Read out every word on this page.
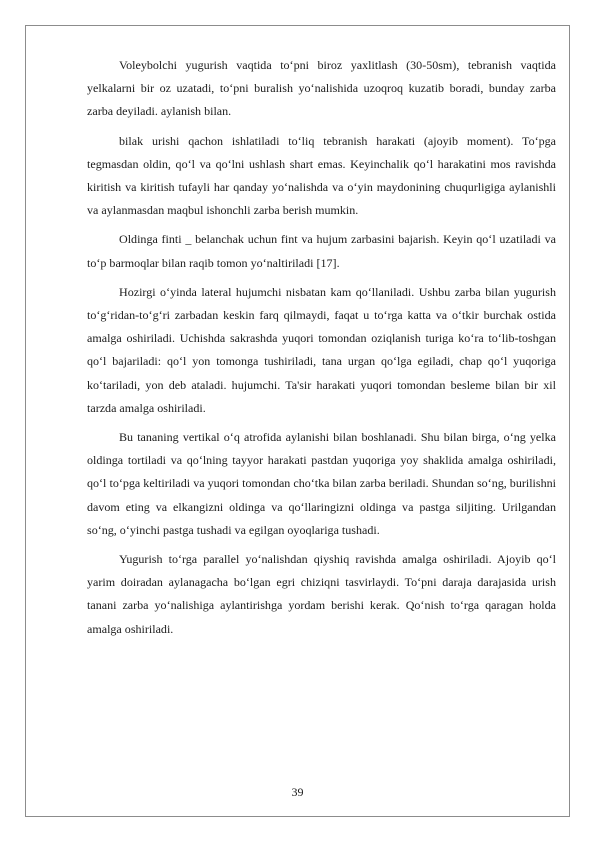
Voleybolchi yugurish vaqtida to‘pni biroz yaxlitlash (30-50sm), tebranish vaqtida yelkalarni bir oz uzatadi, to‘pni buralish yo‘nalishida uzoqroq kuzatib boradi, bunday zarba zarba deyiladi. aylanish bilan.

bilak urishi qachon ishlatiladi to‘liq tebranish harakati (ajoyib moment). To‘pga tegmasdan oldin, qo‘l va qo‘lni ushlash shart emas. Keyinchalik qo‘l harakatini mos ravishda kiritish va kiritish tufayli har qanday yo‘nalishda va o‘yin maydonining chuqurligiga aylanishli va aylanmasdan maqbul ishonchli zarba berish mumkin.

Oldinga finti _ belanchak uchun fint va hujum zarbasini bajarish. Keyin qo‘l uzatiladi va to‘p barmoqlar bilan raqib tomon yo‘naltiriladi [17].

Hozirgi o‘yinda lateral hujumchi nisbatan kam qo‘llaniladi. Ushbu zarba bilan yugurish to‘g‘ridan-to‘g‘ri zarbadan keskin farq qilmaydi, faqat u to‘rga katta va o‘tkir burchak ostida amalga oshiriladi. Uchishda sakrashda yuqori tomondan oziqlanish turiga ko‘ra to‘lib-toshgan qo‘l bajariladi: qo‘l yon tomonga tushiriladi, tana urgan qo‘lga egiladi, chap qo‘l yuqoriga ko‘tariladi, yon deb ataladi. hujumchi. Ta'sir harakati yuqori tomondan besleme bilan bir xil tarzda amalga oshiriladi.

Bu tananing vertikal o‘q atrofida aylanishi bilan boshlanadi. Shu bilan birga, o‘ng yelka oldinga tortiladi va qo‘lning tayyor harakati pastdan yuqoriga yoy shaklida amalga oshiriladi, qo‘l to‘pga keltiriladi va yuqori tomondan cho‘tka bilan zarba beriladi. Shundan so‘ng, burilishni davom eting va elkangizni oldinga va qo‘llaringizni oldinga va pastga siljiting. Urilgandan so‘ng, o‘yinchi pastga tushadi va egilgan oyoqlariga tushadi.

Yugurish to‘rga parallel yo‘nalishdan qiyshiq ravishda amalga oshiriladi. Ajoyib qo‘l yarim doiradan aylanagacha bo‘lgan egri chiziqni tasvirlaydi. To‘pni daraja darajasida urish tanani zarba yo‘nalishiga aylantirishga yordam berishi kerak. Qo‘nish to‘rga qaragan holda amalga oshiriladi.

39
